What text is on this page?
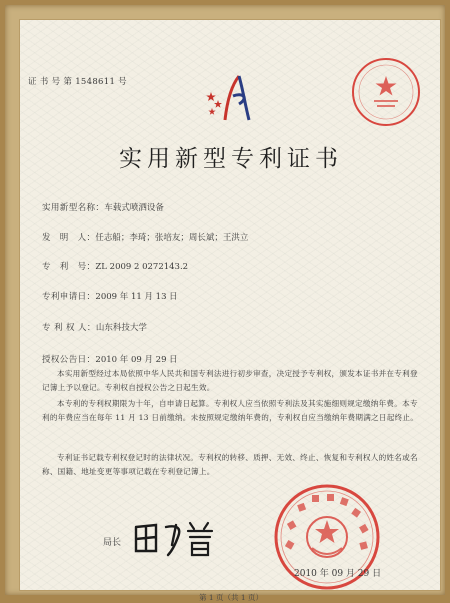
证 书 号 第 1548611 号
实用新型专利证书
实用新型名称：车载式喷洒设备
发　明　人：任志船；李琦；张培友；周长斌；王洪立
专　利　号：ZL 2009 2 0272143.2
专利申请日：2009 年 11 月 13 日
专 利 权 人：山东科技大学
授权公告日：2010 年 09 月 29 日
本实用新型经过本局依照中华人民共和国专利法进行初步审查，决定授予专利权，颁发本证书并在专利登记簿上予以登记。专利权自授权公告之日起生效。
本专利的专利权期限为十年，自申请日起算。专利权人应当依照专利法及其实施细则规定缴纳年费。本专利的年费应当在每年 11 月 13 日前缴纳。未按照规定缴纳年费的，专利权自应当缴纳年费期满之日起终止。
专利证书记载专利权登记时的法律状况。专利权的转移、质押、无效、终止、恢复和专利权人的姓名或名称、国籍、地址变更等事项记载在专利登记簿上。
局长
2010 年 09 月 29 日
第 1 页（共 1 页）
